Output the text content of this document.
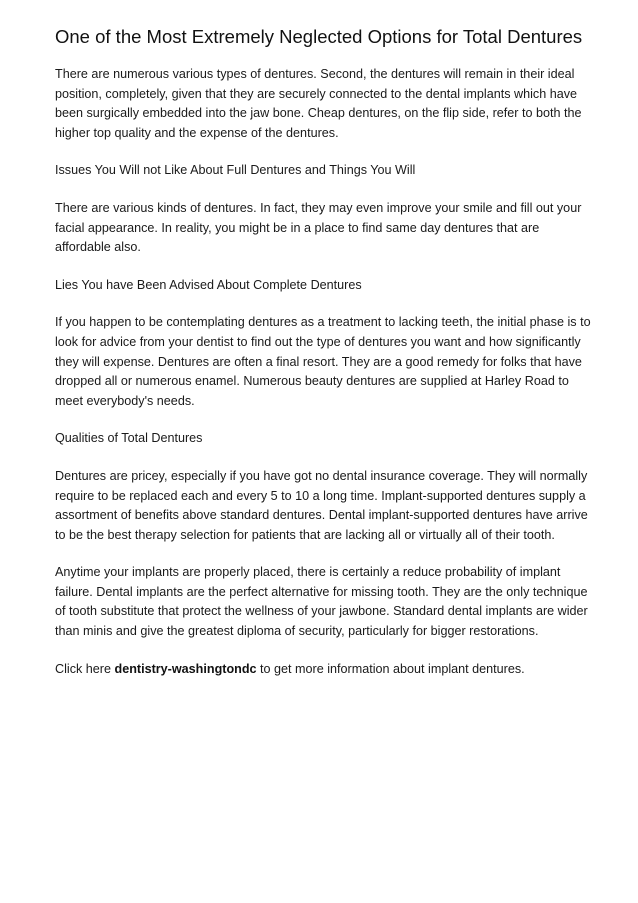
One of the Most Extremely Neglected Options for Total Dentures

There are numerous various types of dentures. Second, the dentures will remain in their ideal position, completely, given that they are securely connected to the dental implants which have been surgically embedded into the jaw bone. Cheap dentures, on the flip side, refer to both the higher top quality and the expense of the dentures.

Issues You Will not Like About Full Dentures and Things You Will

There are various kinds of dentures. In fact, they may even improve your smile and fill out your facial appearance. In reality, you might be in a place to find same day dentures that are affordable also.

Lies You have Been Advised About Complete Dentures

If you happen to be contemplating dentures as a treatment to lacking teeth, the initial phase is to look for advice from your dentist to find out the type of dentures you want and how significantly they will expense. Dentures are often a final resort. They are a good remedy for folks that have dropped all or numerous enamel. Numerous beauty dentures are supplied at Harley Road to meet everybody's needs.

Qualities of Total Dentures

Dentures are pricey, especially if you have got no dental insurance coverage. They will normally require to be replaced each and every 5 to 10 a long time. Implant-supported dentures supply a assortment of benefits above standard dentures. Dental implant-supported dentures have arrive to be the best therapy selection for patients that are lacking all or virtually all of their tooth.

Anytime your implants are properly placed, there is certainly a reduce probability of implant failure. Dental implants are the perfect alternative for missing tooth. They are the only technique of tooth substitute that protect the wellness of your jawbone. Standard dental implants are wider than minis and give the greatest diploma of security, particularly for bigger restorations.

Click here dentistry-washingtondc to get more information about implant dentures.
